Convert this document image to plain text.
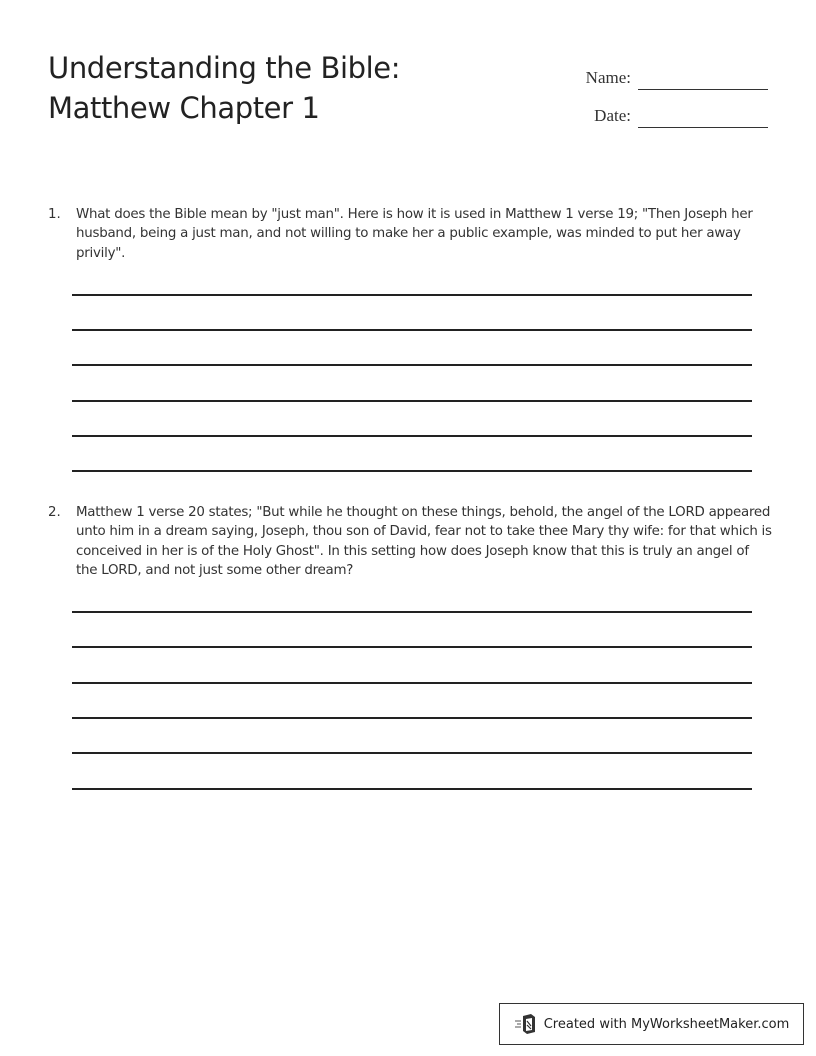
Understanding the Bible:
Matthew Chapter 1
Name:
Date:
1.	What does the Bible mean by "just man". Here is how it is used in Matthew 1 verse 19; "Then Joseph her husband, being a just man, and not willing to make her a public example, was minded to put her away privily".
2.	Matthew 1 verse 20 states; "But while he thought on these things, behold, the angel of the LORD appeared unto him in a dream saying, Joseph, thou son of David, fear not to take thee Mary thy wife: for that which is conceived in her is of the Holy Ghost". In this setting how does Joseph know that this is truly an angel of the LORD, and not just some other dream?
Created with MyWorksheetMaker.com
